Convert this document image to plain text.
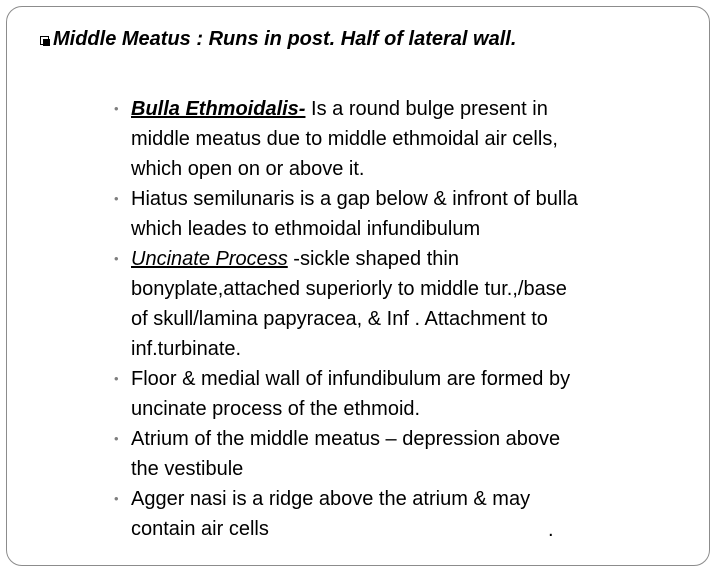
Middle Meatus : Runs in post. Half of lateral wall.
• Bulla Ethmoidalis- Is a round bulge present in
middle meatus due to middle ethmoidal air cells,
which open on or above it.
• Hiatus semilunaris is a gap below & infront of bulla
which leades to ethmoidal infundibulum
• Uncinate Process -sickle shaped thin
bonyplate,attached superiorly to middle tur.,/base
of skull/lamina papyracea, & Inf . Attachment to
inf.turbinate.
• Floor & medial wall of infundibulum are formed by
uncinate process of the ethmoid.
• Atrium of the middle meatus – depression above
the vestibule
• Agger nasi is a ridge above the atrium & may
contain air cells	.
